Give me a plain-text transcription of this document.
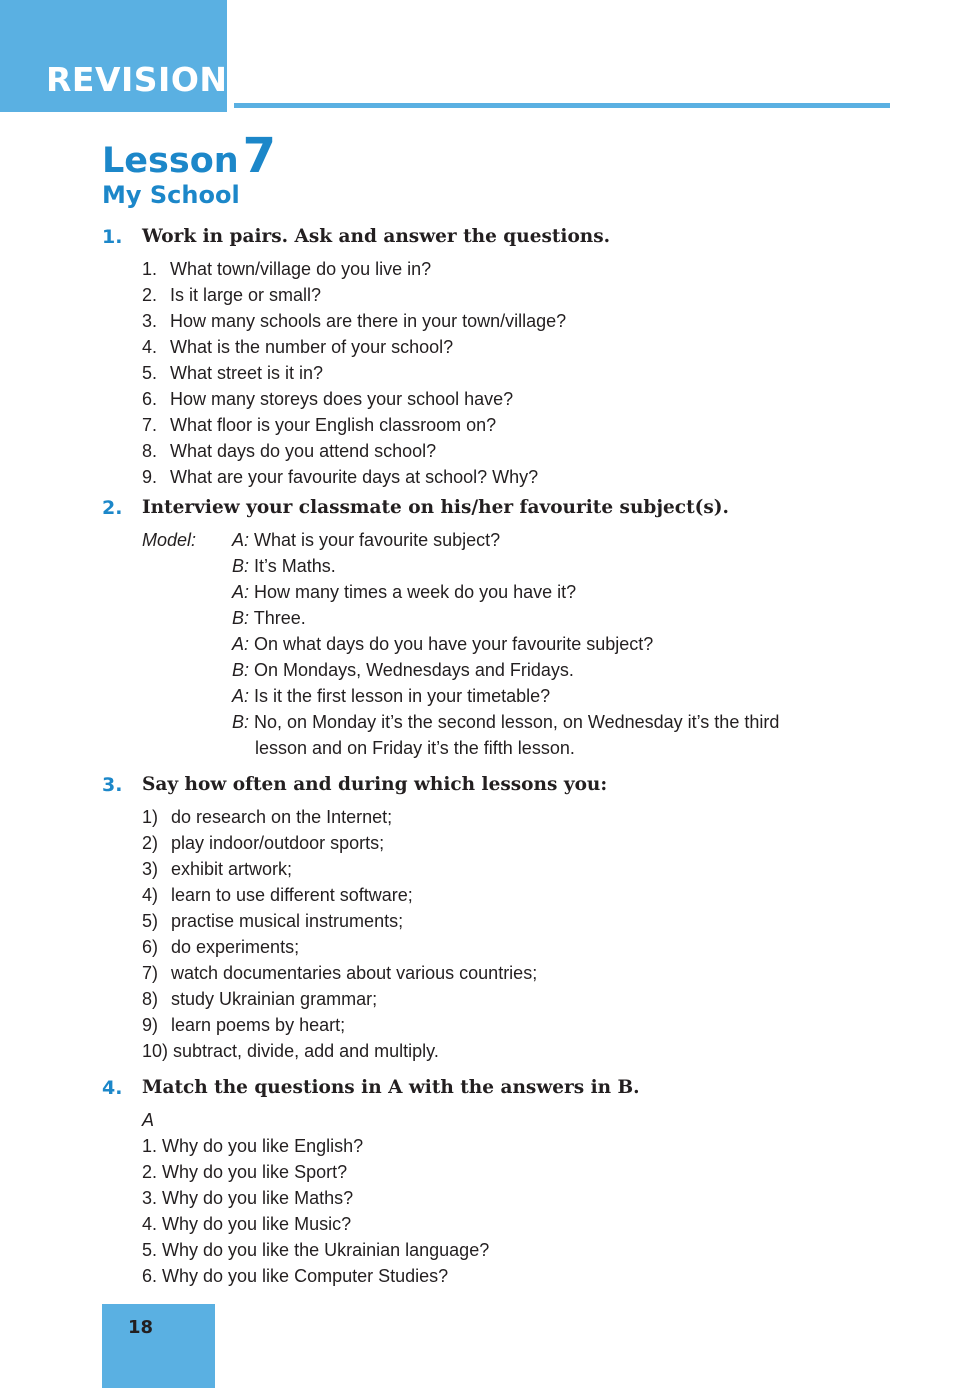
REVISION
Lesson7
My School
1. Work in pairs. Ask and answer the questions.
1. What town/village do you live in?
2. Is it large or small?
3. How many schools are there in your town/village?
4. What is the number of your school?
5. What street is it in?
6. How many storeys does your school have?
7. What floor is your English classroom on?
8. What days do you attend school?
9. What are your favourite days at school? Why?
2. Interview your classmate on his/her favourite subject(s).
Model: A: What is your favourite subject?
B: It’s Maths.
A: How many times a week do you have it?
B: Three.
A: On what days do you have your favourite subject?
B: On Mondays, Wednesdays and Fridays.
A: Is it the first lesson in your timetable?
B: No, on Monday it’s the second lesson, on Wednesday it’s the third
lesson and on Friday it’s the fifth lesson.
3. Say how often and during which lessons you:
1) do research on the Internet;
2) play indoor/outdoor sports;
3) exhibit artwork;
4) learn to use different software;
5) practise musical instruments;
6) do experiments;
7) watch documentaries about various countries;
8) study Ukrainian grammar;
9) learn poems by heart;
10) subtract, divide, add and multiply.
4. Match the questions in A with the answers in B.
A
1. Why do you like English?
2. Why do you like Sport?
3. Why do you like Maths?
4. Why do you like Music?
5. Why do you like the Ukrainian language?
6. Why do you like Computer Studies?
18
